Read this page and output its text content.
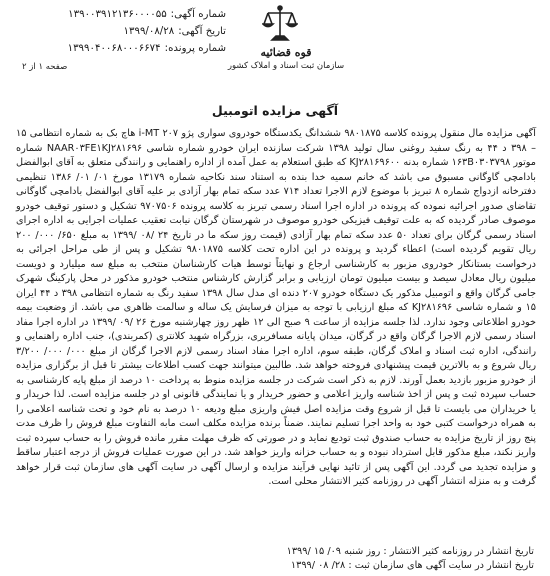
شماره آگهی:
۱۳۹۰۰۳۹۱۲۱۳۶۰۰۰۰۵۵
تاریخ آگهی:
۱۳۹۹/۰۸/۲۸
شماره پرونده:
۱۳۹۹۰۴۰۰۶۸۰۰۰۶۶۷۴	قوه قضائیه
سازمان ثبت اسناد و املاک کشور
صفحه ۱ از ۲
آگهی مزایده اتومبیل

آگهی مزایده مال منقول پرونده کلاسه ۹۸۰۱۸۷۵ ششدانگ یکدستگاه خودروی سواری پژو ۲۰۷ i-MT هاچ بک به شماره انتظامی ۱۵ – ۳۹۸ د ۴۴ به رنگ سفید روغنی سال تولید ۱۳۹۸ شرکت سازنده ایران خودرو شماره شاسی NAAR۰۳FE۱KJ۲۸۱۶۹۶ شماره موتور ۱۶۳B۰۳۰۳۷۹۸ شماره بدنه KJ۲۸۱۶۹۶۰۰ که طبق استعلام به عمل آمده از اداره راهنمایی و رانندگی متعلق به آقای ابوالفضل بادامچی گاوگانی مسبوق می باشد که خانم سمیه خدا بنده به استناد سند نکاحیه شماره ۱۳۱۷۹ مورخ ۰۱/ ۰۱/ ۱۳۸۶ تنظیمی دفترخانه ازدواج شماره ۸ تبریز با موضوع لازم الاجرا تعداد ۷۱۴ عدد سکه تمام بهار آزادی بر علیه آقای ابوالفضل بادامچی گاوگانی تقاضای صدور اجرائیه نموده که پرونده در اداره اجرا اسناد رسمی تبریز به کلاسه پرونده ۹۷۰۷۵۰۶ تشکیل و دستور توقیف خودرو موصوف صادر گردیده که به علت توقیف فیزیکی خودرو موصوف در شهرستان گرگان نیابت تعقیب عملیات اجرایی به اداره اجرای اسناد رسمی گرگان برای تعداد ۵۰ عدد سکه تمام بهار آزادی (قیمت روز سکه ما در تاریخ ۲۴ /۰۸ /۱۳۹۹ به مبلغ ۶۵۰/ ۰۰۰/ ۲۰۰ ریال تقویم گردیده است) اعطاء گردید و پرونده در این اداره تحت کلاسه ۹۸۰۱۸۷۵ تشکیل و پس از طی مراحل اجرائی به درخواست بستانکار خودروی مزبور به کارشناسی ارجاع و نهایتاً توسط هیات کارشناسان منتخب به مبلغ سه میلیارد و دویست میلیون ریال معادل سیصد و بیست میلیون تومان ارزیابی و برابر گزارش کارشناس منتخب خودرو مذکور در محل پارکینگ شهرک جامی گرگان واقع و اتومبیل مذکور یک دستگاه خودرو ۲۰۷ دنده ای مدل سال ۱۳۹۸ سفید رنگ به شماره انتظامی ۳۹۸ د ۴۴ ایران ۱۵ و شماره شاسی KJ۲۸۱۶۹۶ که مبلغ ارزیابی با توجه به میزان فرسایش یک ساله و سالمت ظاهری می باشد. از وضعیت بیمه خودرو اطلاعاتی وجود ندارد. لذا جلسه مزایده از ساعت ۹ صبح الی ۱۲ ظهر روز چهارشنبه مورخ ۲۶ /۰۹ /۱۳۹۹ در اداره اجرا مفاد اسناد رسمی لازم الاجرا گرگان واقع در گرگان، میدان پایانه مسافربری، بزرگراه شهید کلانتری (کمربندی)، جنب اداره راهنمایی و رانندگی، اداره ثبت اسناد و املاک گرگان، طبقه سوم، اداره اجرا مفاد اسناد رسمی لازم الاجرا گرگان از مبلغ ۰۰۰/ ۰۰۰/ ۳/۲۰۰ ریال شروع و به بالاترین قیمت پیشنهادی فروخته خواهد شد. طالبین میتوانند جهت کسب اطلاعات بیشتر تا قبل از برگزاری مزایده از خودرو مزبور بازدید بعمل آورند. لازم به ذکر است شرکت در جلسه مزایده منوط به پرداخت ۱۰ درصد از مبلغ پایه کارشناسی به حساب سپرده ثبت و پس از اخذ شناسه واریز اعلامی و حضور خریدار و یا نمایندگی قانونی او در جلسه مزایده است. لذا خریدار و یا خریداران می بایست تا قبل از شروع وقت مزایده اصل فیش واریزی مبلغ ودیعه ۱۰ درصد به نام خود و تحت شناسه اعلامی را به همراه درخواست کتبی خود به واحد اجرا تسلیم نمایند. ضمناً برنده مزایده مکلف است مابه التفاوت مبلغ فروش را ظرف مدت پنج روز از تاریخ مزایده به حساب صندوق ثبت تودیع نماید و در صورتی که ظرف مهلت مقرر مانده فروش را به حساب سپرده ثبت واریز نکند، مبلغ مذکور قابل استرداد نبوده و به حساب خزانه واریز خواهد شد. در این صورت عملیات فروش از درجه اعتبار ساقط و مزایده تجدید می گردد. این آگهی پس از تائید نهایی فرآیند مزایده و ارسال آگهی در سایت آگهی های سازمان ثبت قرار خواهد گرفت و به منزله انتشار آگهی در روزنامه کثیر الانتشار محلی است.

تاریخ انتشار در روزنامه کثیر الانتشار : روز شنبه ۰۹/ ۱۵ /۱۳۹۹
تاریخ انتشار در سایت آگهی های سازمان ثبت : ۲۸/ ۰۸ /۱۳۹۹
